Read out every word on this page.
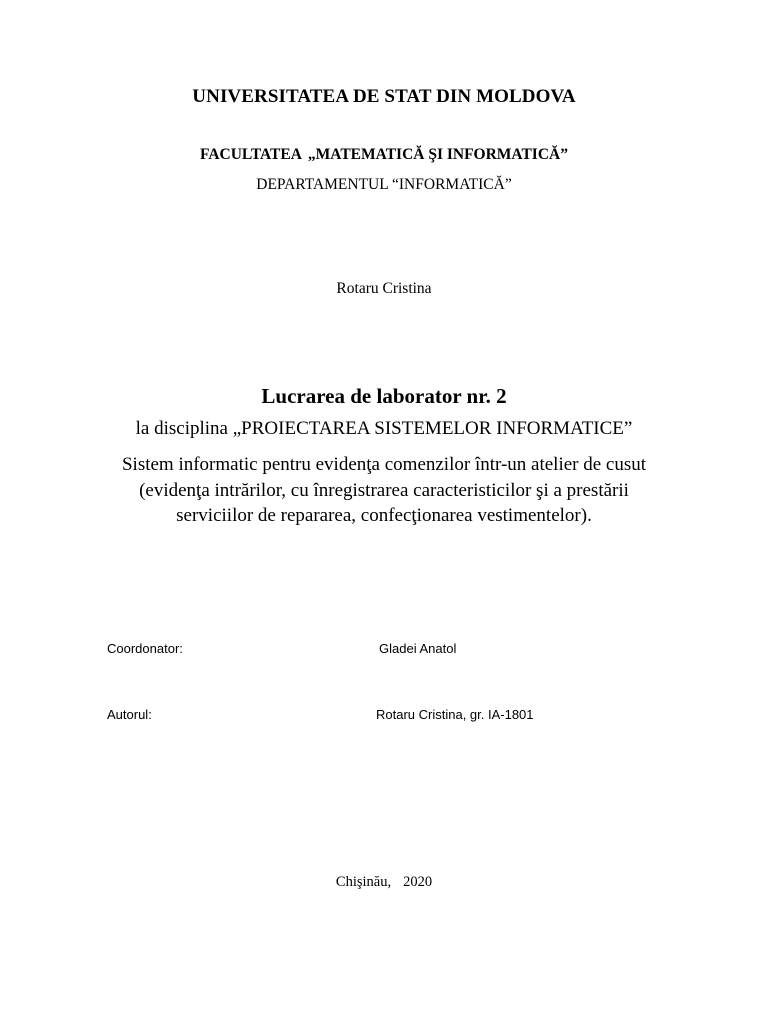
UNIVERSITATEA DE STAT DIN MOLDOVA
FACULTATEA „MATEMATICĂ ŞI INFORMATICĂ”
DEPARTAMENTUL “INFORMATICĂ”
Rotaru Cristina
Lucrarea de laborator nr. 2
la disciplina „PROIECTAREA SISTEMELOR INFORMATICE”
Sistem informatic pentru evidenţa comenzilor într-un atelier de cusut
(evidenţa intrărilor, cu înregistrarea caracteristicilor şi a prestării
serviciilor de repararea, confecţionarea vestimentelor).
Coordonator:	Gladei Anatol
Autorul:	Rotaru Cristina, gr. IA-1801
Chişinău, 2020
